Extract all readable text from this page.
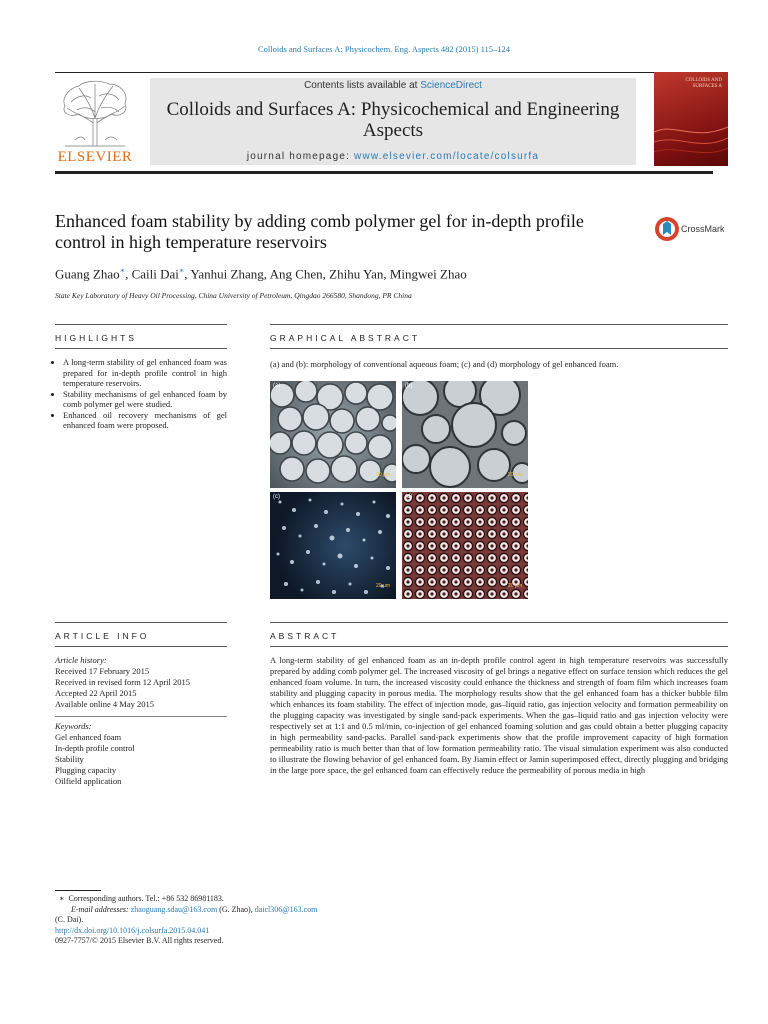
Colloids and Surfaces A: Physicochem. Eng. Aspects 482 (2015) 115–124
ELSEVIER
Contents lists available at ScienceDirect
Colloids and Surfaces A: Physicochemical and Engineering Aspects
journal homepage: www.elsevier.com/locate/colsurfa
COLLOIDS AND SURFACES A
Enhanced foam stability by adding comb polymer gel for in-depth profile control in high temperature reservoirs
CrossMark
Guang Zhao∗, Caili Dai∗, Yanhui Zhang, Ang Chen, Zhihu Yan, Mingwei Zhao
State Key Laboratory of Heavy Oil Processing, China University of Petroleum, Qingdao 266580, Shandong, PR China
HIGHLIGHTS	GRAPHICAL ABSTRACT
• A long-term stability of gel enhanced foam was prepared for in-depth profile control in high temperature reservoirs.
• Stability mechanisms of gel enhanced foam by comb polymer gel were studied.
• Enhanced oil recovery mechanisms of gel enhanced foam were proposed.
(a) and (b): morphology of conventional aqueous foam; (c) and (d) morphology of gel enhanced foam.
(a)
20 µm
(b)
20 µm
(c)
20 µm
(d)
20 µm
ARTICLE INFO	ABSTRACT
Article history:
Received 17 February 2015
Received in revised form 12 April 2015
Accepted 22 April 2015
Available online 4 May 2015
Keywords:
Gel enhanced foam
In-depth profile control
Stability
Plugging capacity
Oilfield application
A long-term stability of gel enhanced foam as an in-depth profile control agent in high temperature reservoirs was successfully prepared by adding comb polymer gel. The increased viscosity of gel brings a negative effect on surface tension which reduces the gel enhanced foam volume. In turn, the increased viscosity could enhance the thickness and strength of foam film which increases foam stability and plugging capacity in porous media. The morphology results show that the gel enhanced foam has a thicker bubble film which enhances its foam stability. The effect of injection mode, gas–liquid ratio, gas injection velocity and formation permeability on the plugging capacity was investigated by single sand-pack experiments. When the gas–liquid ratio and gas injection velocity were respectively set at 1:1 and 0.5 ml/min, co-injection of gel enhanced foaming solution and gas could obtain a better plugging capacity in high permeability sand-packs. Parallel sand-pack experiments show that the profile improvement capacity of high formation permeability ratio is much better than that of low formation permeability ratio. The visual simulation experiment was also conducted to illustrate the flowing behavior of gel enhanced foam. By Jiamin effect or Jamin superimposed effect, directly plugging and bridging in the large pore space, the gel enhanced foam can effectively reduce the permeability of porous media in high
∗  Corresponding authors. Tel.: +86 532 86981183.
E-mail addresses: zhaoguang.sdau@163.com (G. Zhao), daicl306@163.com
(C. Dai).
http://dx.doi.org/10.1016/j.colsurfa.2015.04.041
0927-7757/© 2015 Elsevier B.V. All rights reserved.
